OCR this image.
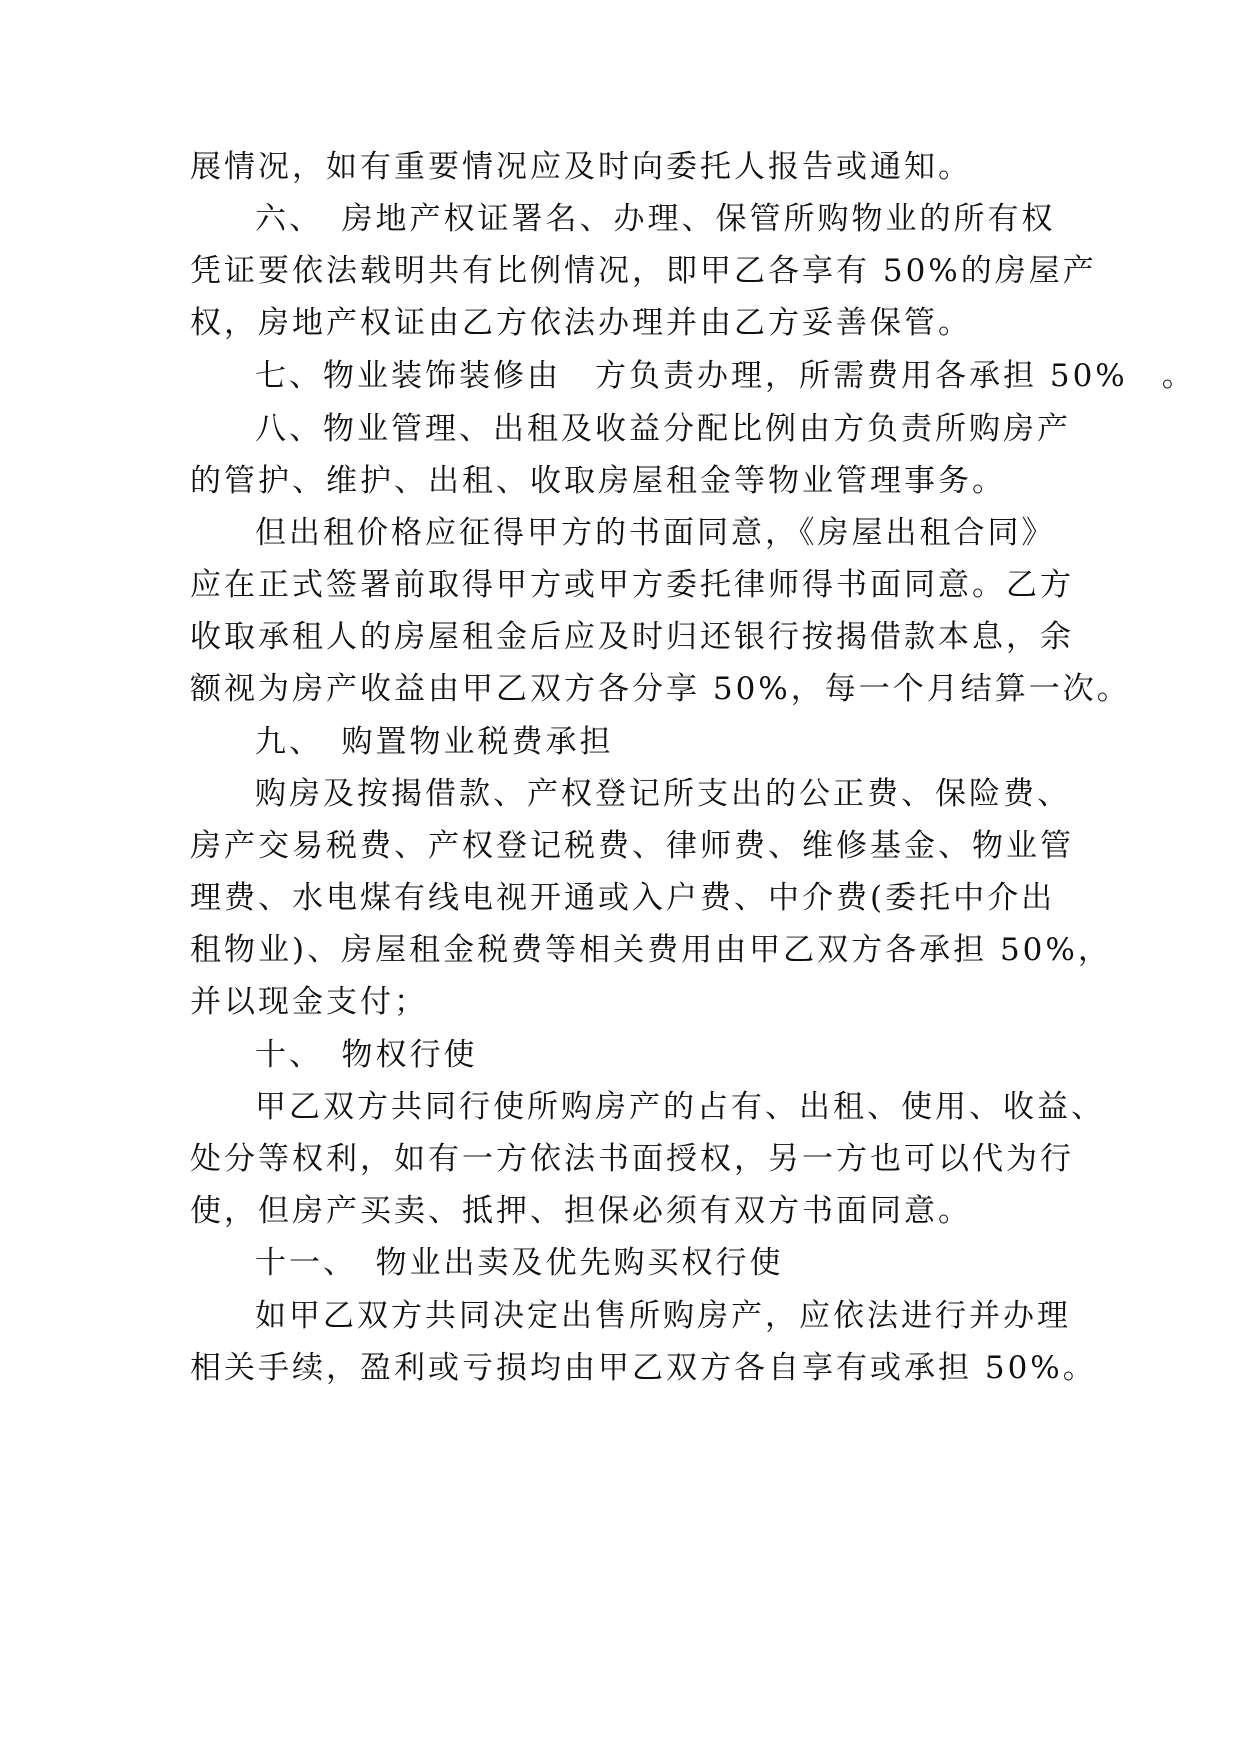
展情况，如有重要情况应及时向委托人报告或通知。
六、　房地产权证署名、办理、保管所购物业的所有权
凭证要依法载明共有比例情况，即甲乙各享有 50%的房屋产
权，房地产权证由乙方依法办理并由乙方妥善保管。
七、物业装饰装修由　方负责办理，所需费用各承担 50%　。
八、物业管理、出租及收益分配比例由方负责所购房产
的管护、维护、出租、收取房屋租金等物业管理事务。
但出租价格应征得甲方的书面同意，《房屋出租合同》
应在正式签署前取得甲方或甲方委托律师得书面同意。乙方
收取承租人的房屋租金后应及时归还银行按揭借款本息，余
额视为房产收益由甲乙双方各分享 50%，每一个月结算一次。
九、　购置物业税费承担
购房及按揭借款、产权登记所支出的公正费、保险费、
房产交易税费、产权登记税费、律师费、维修基金、物业管
理费、水电煤有线电视开通或入户费、中介费(委托中介出
租物业)、房屋租金税费等相关费用由甲乙双方各承担 50%，
并以现金支付；
十、　物权行使
甲乙双方共同行使所购房产的占有、出租、使用、收益、
处分等权利，如有一方依法书面授权，另一方也可以代为行
使，但房产买卖、抵押、担保必须有双方书面同意。
十一、　物业出卖及优先购买权行使
如甲乙双方共同决定出售所购房产，应依法进行并办理
相关手续，盈利或亏损均由甲乙双方各自享有或承担 50%。
